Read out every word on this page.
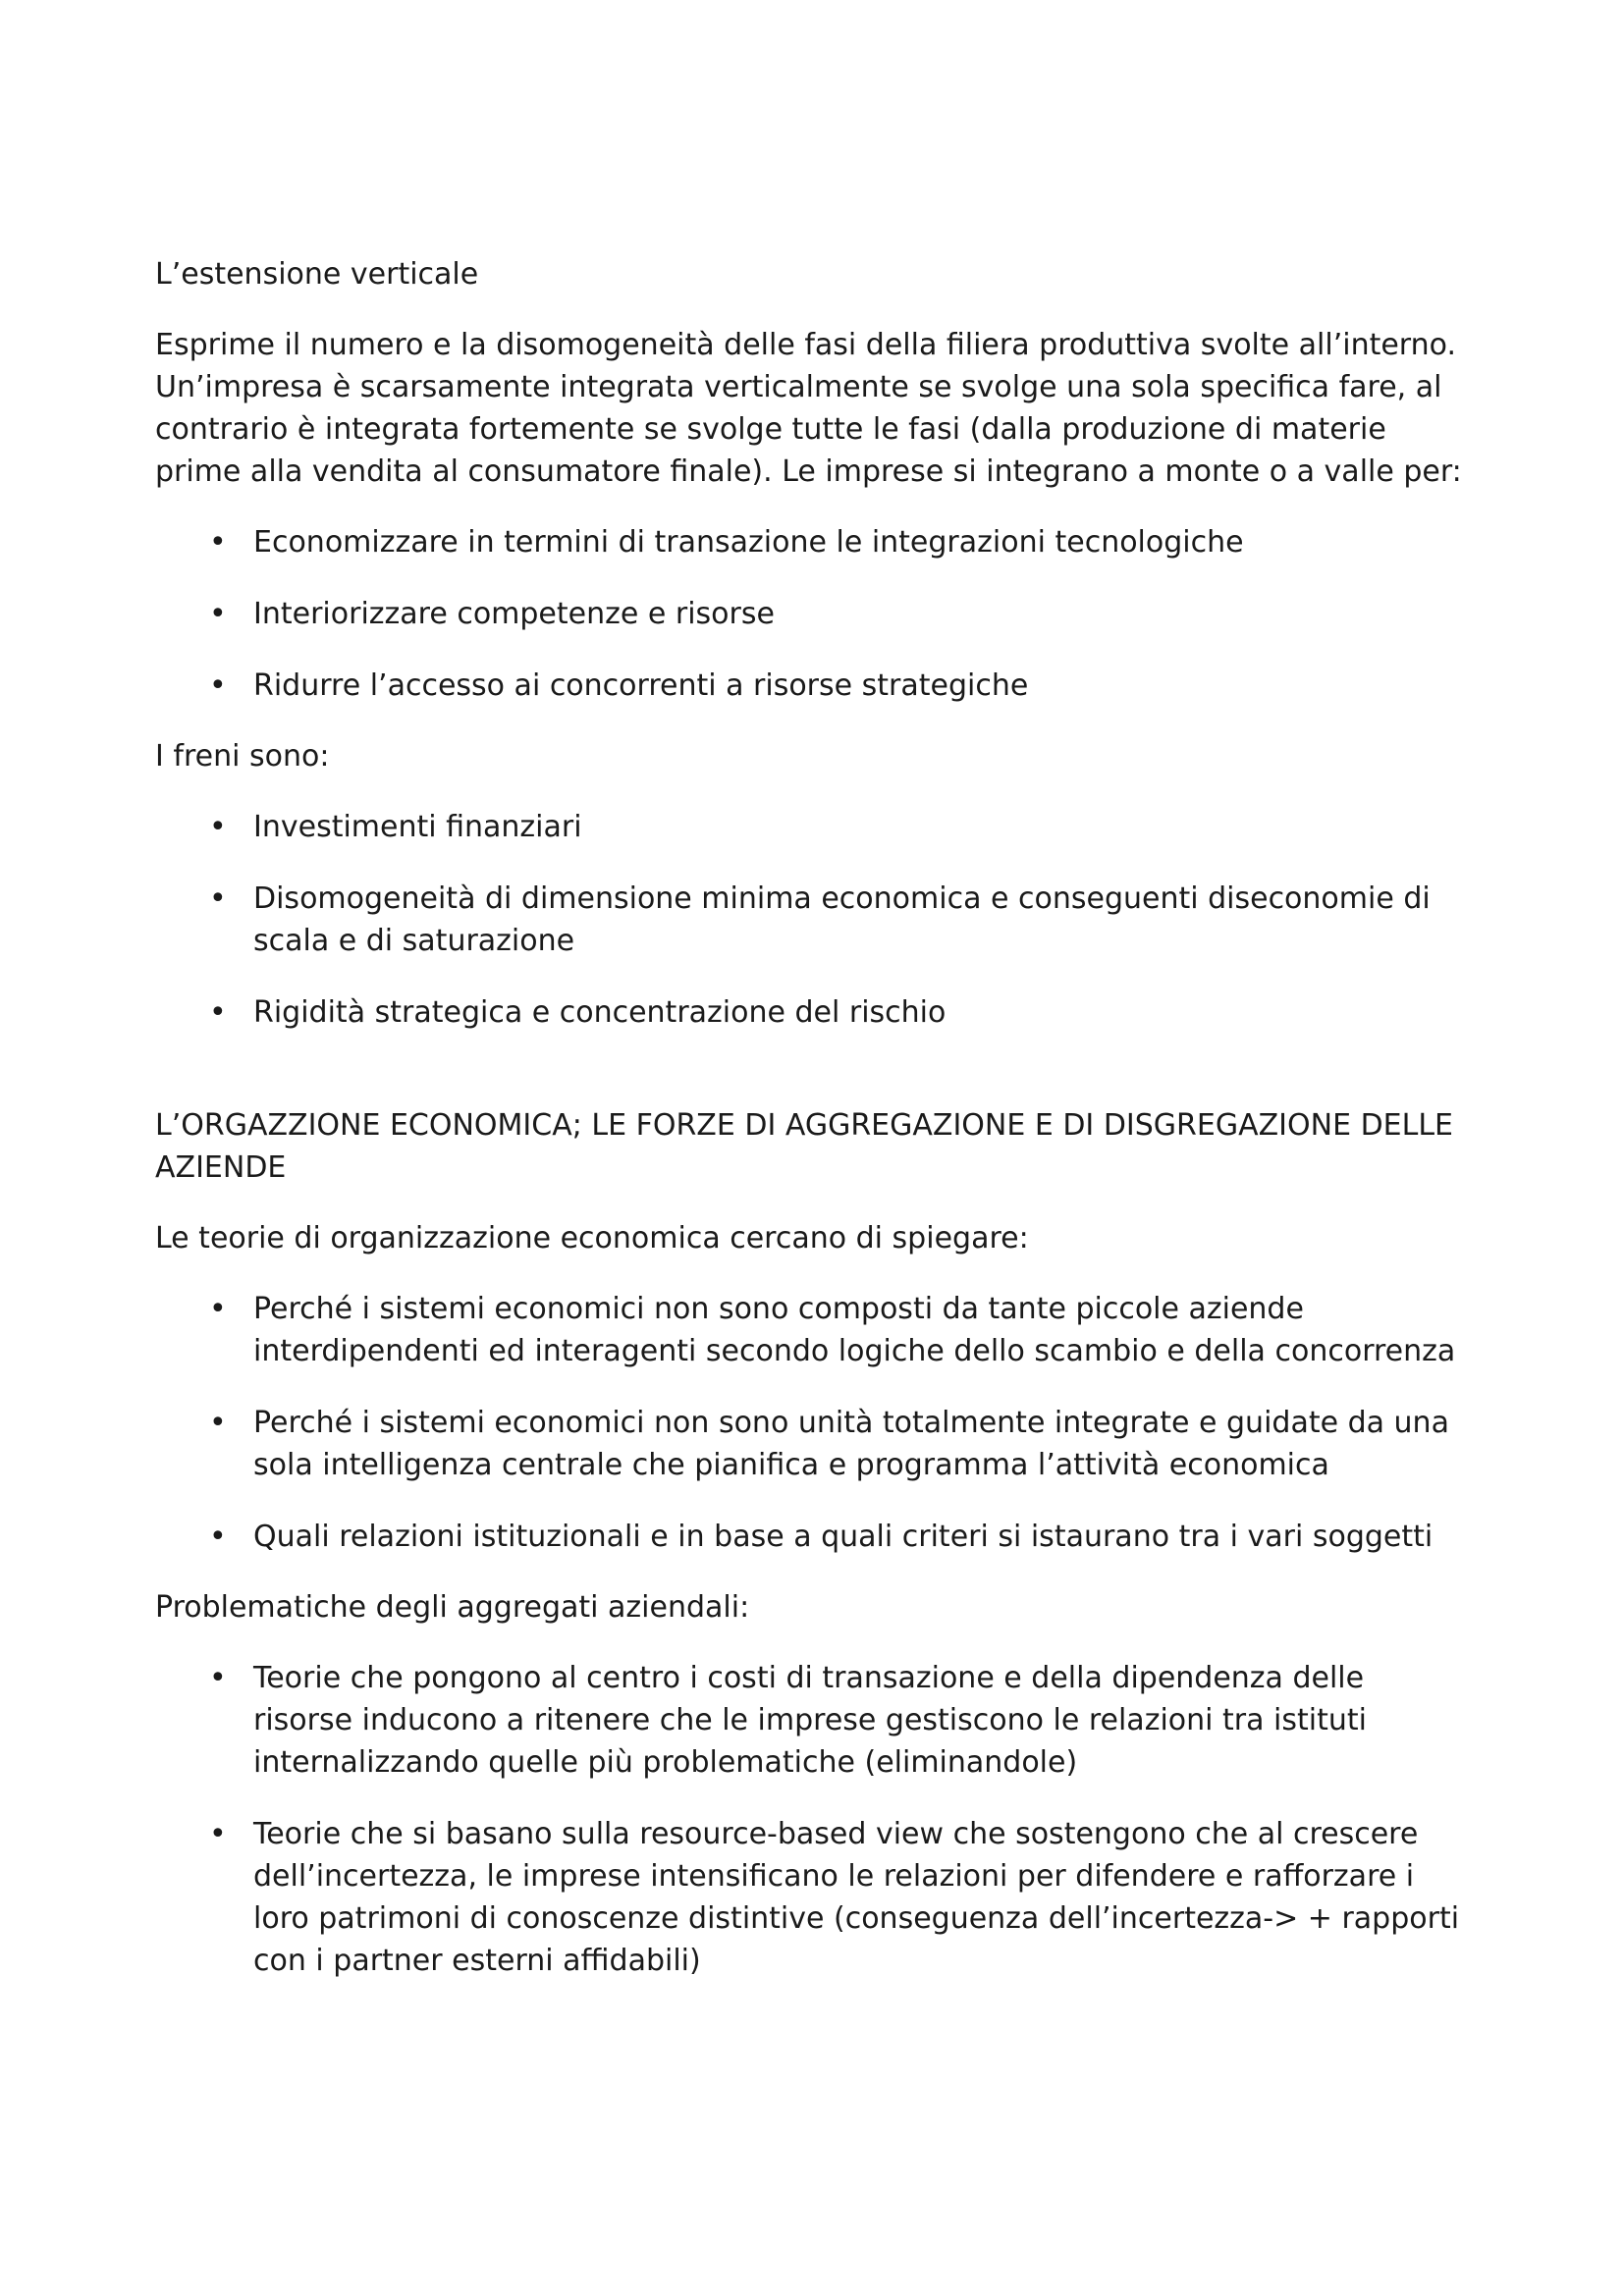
L’estensione verticale

Esprime il numero e la disomogeneità delle fasi della filiera produttiva svolte all’interno. Un’impresa è scarsamente integrata verticalmente se svolge una sola specifica fare, al contrario è integrata fortemente se svolge tutte le fasi (dalla produzione di materie prime alla vendita al consumatore finale). Le imprese si integrano a monte o a valle per:

• Economizzare in termini di transazione le integrazioni tecnologiche
• Interiorizzare competenze e risorse
• Ridurre l’accesso ai concorrenti a risorse strategiche

I freni sono:

• Investimenti finanziari
• Disomogeneità di dimensione minima economica e conseguenti diseconomie di scala e di saturazione
• Rigidità strategica e concentrazione del rischio

L’ORGAZZIONE ECONOMICA; LE FORZE DI AGGREGAZIONE E DI DISGREGAZIONE DELLE AZIENDE

Le teorie di organizzazione economica cercano di spiegare:

• Perché i sistemi economici non sono composti da tante piccole aziende interdipendenti ed interagenti secondo logiche dello scambio e della concorrenza
• Perché i sistemi economici non sono unità totalmente integrate e guidate da una sola intelligenza centrale che pianifica e programma l’attività economica
• Quali relazioni istituzionali e in base a quali criteri si istaurano tra i vari soggetti

Problematiche degli aggregati aziendali:

• Teorie che pongono al centro i costi di transazione e della dipendenza delle risorse inducono a ritenere che le imprese gestiscono le relazioni tra istituti internalizzando quelle più problematiche (eliminandole)
• Teorie che si basano sulla resource-based view che sostengono che al crescere dell’incertezza, le imprese intensificano le relazioni per difendere e rafforzare i loro patrimoni di conoscenze distintive (conseguenza dell’incertezza-> + rapporti con i partner esterni affidabili)
